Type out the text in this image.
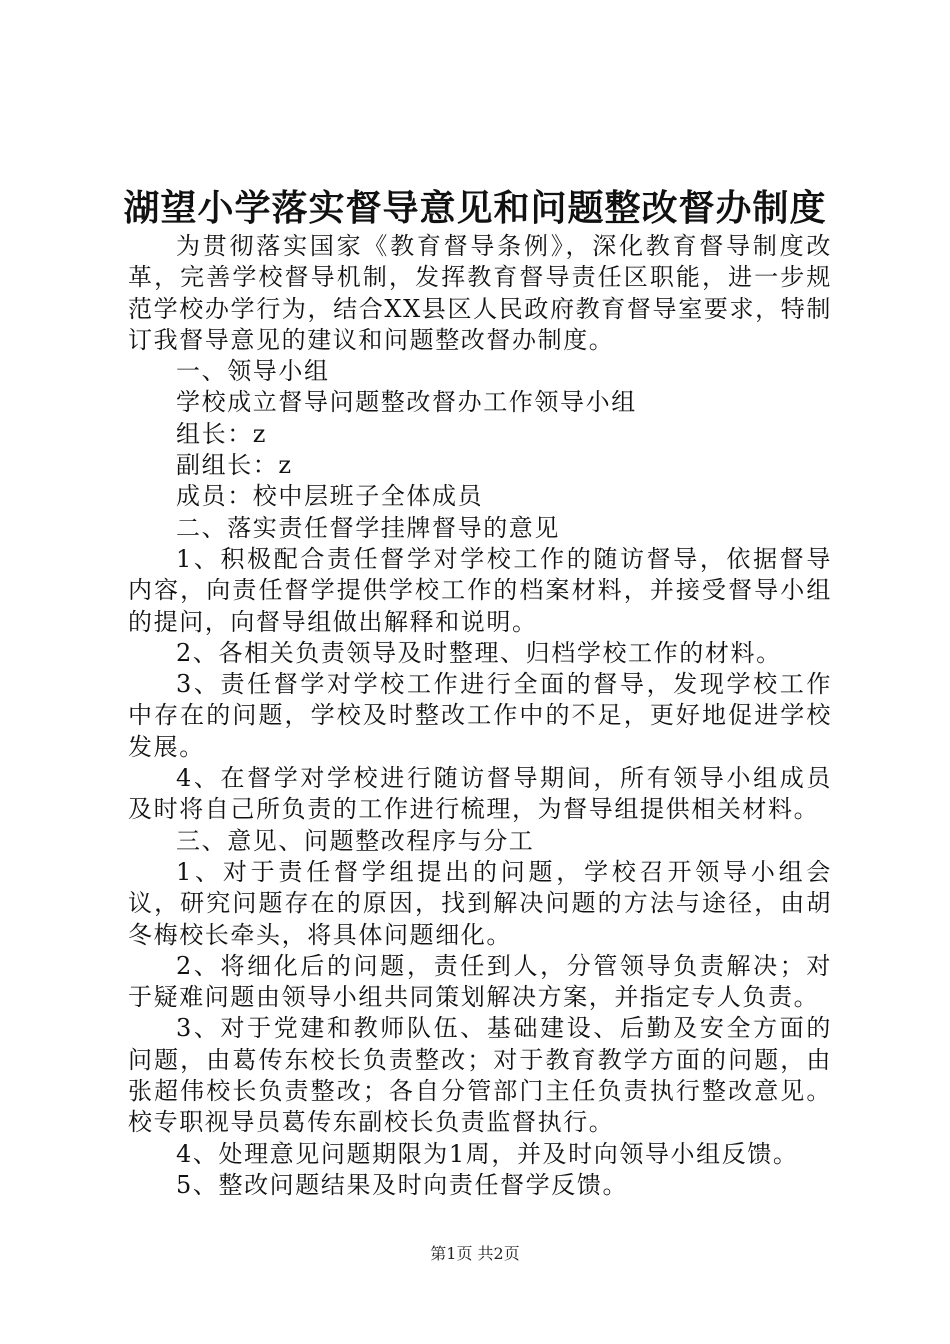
湖望小学落实督导意见和问题整改督办制度

为贯彻落实国家《教育督导条例》，深化教育督导制度改革，完善学校督导机制，发挥教育督导责任区职能，进一步规范学校办学行为，结合XX县区人民政府教育督导室要求，特制订我督导意见的建议和问题整改督办制度。

一、领导小组

学校成立督导问题整改督办工作领导小组

组长：z

副组长：z

成员：校中层班子全体成员

二、落实责任督学挂牌督导的意见

1、积极配合责任督学对学校工作的随访督导，依据督导内容，向责任督学提供学校工作的档案材料，并接受督导小组的提问，向督导组做出解释和说明。

2、各相关负责领导及时整理、归档学校工作的材料。

3、责任督学对学校工作进行全面的督导，发现学校工作中存在的问题，学校及时整改工作中的不足，更好地促进学校发展。

4、在督学对学校进行随访督导期间，所有领导小组成员及时将自己所负责的工作进行梳理，为督导组提供相关材料。

三、意见、问题整改程序与分工

1、对于责任督学组提出的问题，学校召开领导小组会议，研究问题存在的原因，找到解决问题的方法与途径，由胡冬梅校长牵头，将具体问题细化。

2、将细化后的问题，责任到人，分管领导负责解决；对于疑难问题由领导小组共同策划解决方案，并指定专人负责。

3、对于党建和教师队伍、基础建设、后勤及安全方面的问题，由葛传东校长负责整改；对于教育教学方面的问题，由张超伟校长负责整改；各自分管部门主任负责执行整改意见。校专职视导员葛传东副校长负责监督执行。

4、处理意见问题期限为1周，并及时向领导小组反馈。

5、整改问题结果及时向责任督学反馈。

第1页 共2页
